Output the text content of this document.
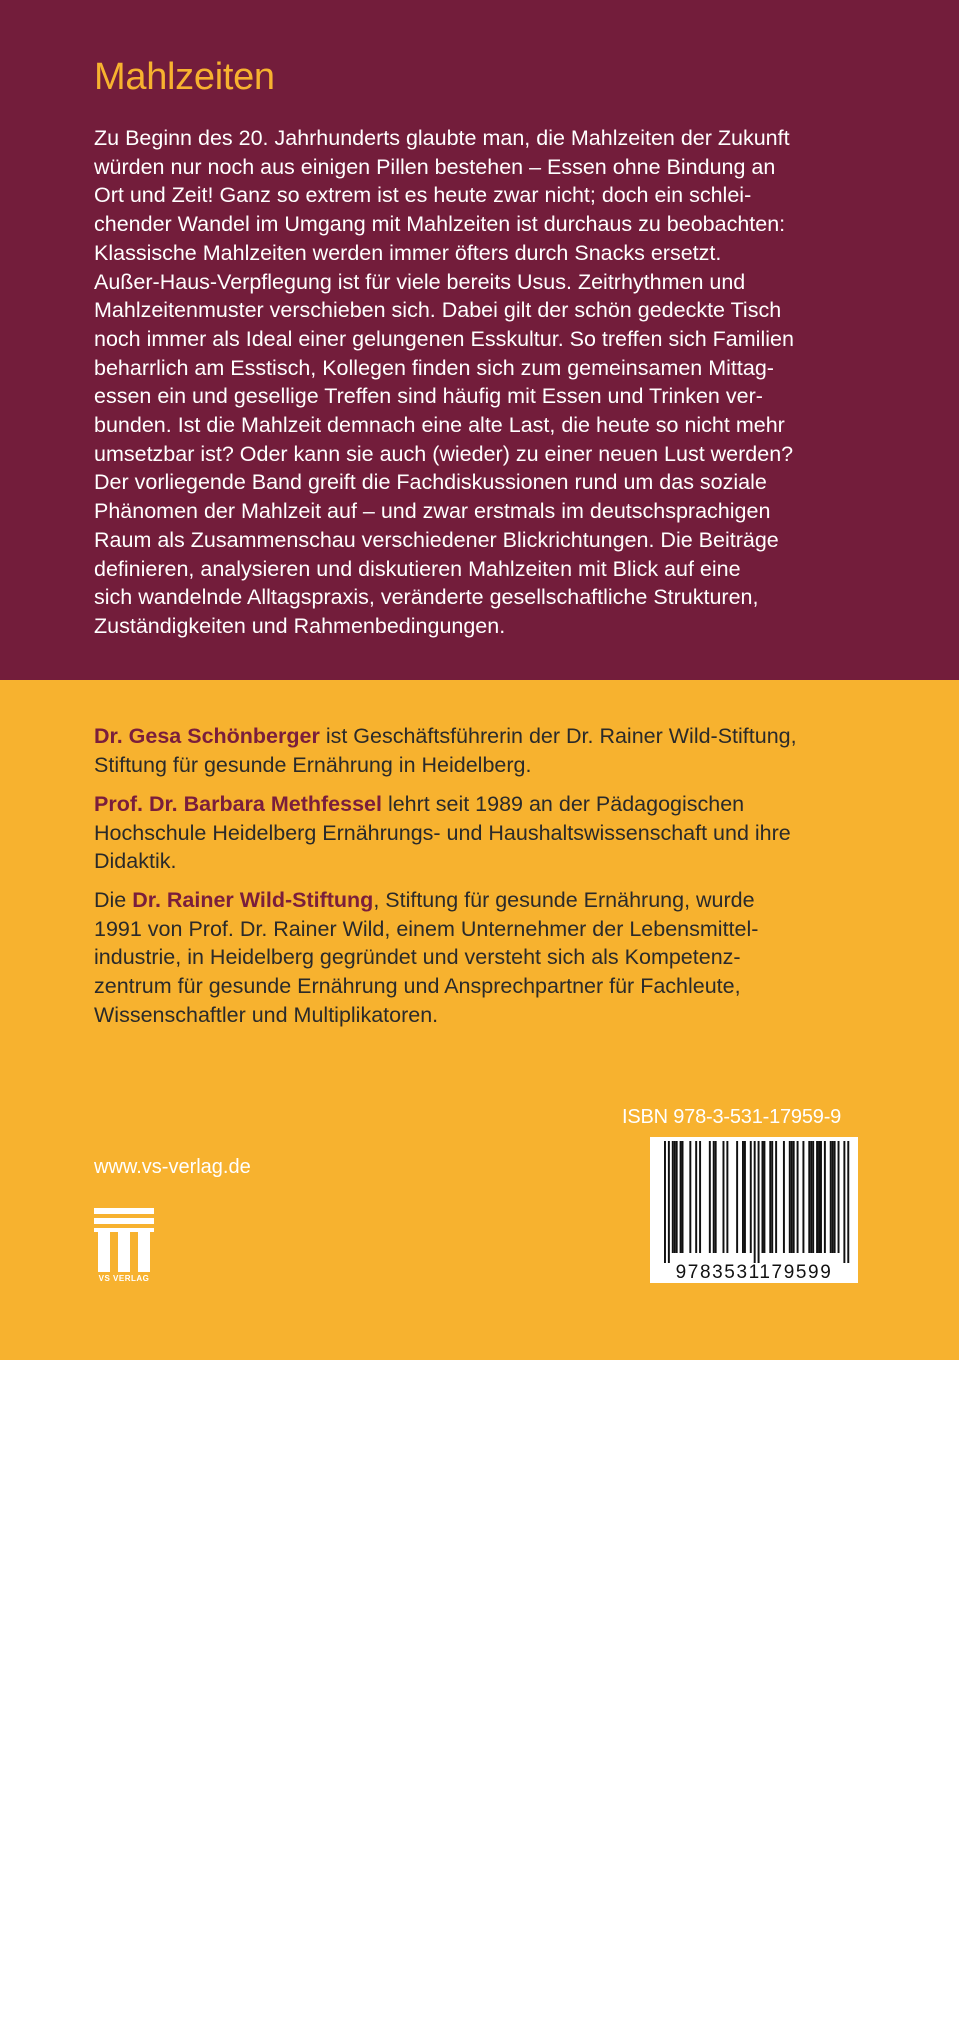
Mahlzeiten
Zu Beginn des 20. Jahrhunderts glaubte man, die Mahlzeiten der Zukunft
würden nur noch aus einigen Pillen bestehen – Essen ohne Bindung an
Ort und Zeit! Ganz so extrem ist es heute zwar nicht; doch ein schlei-
chender Wandel im Umgang mit Mahlzeiten ist durchaus zu beobachten:
Klassische Mahlzeiten werden immer öfters durch Snacks ersetzt.
Außer-Haus-Verpflegung ist für viele bereits Usus. Zeitrhythmen und
Mahlzeitenmuster verschieben sich. Dabei gilt der schön gedeckte Tisch
noch immer als Ideal einer gelungenen Esskultur. So treffen sich Familien
beharrlich am Esstisch, Kollegen finden sich zum gemeinsamen Mittag-
essen ein und gesellige Treffen sind häufig mit Essen und Trinken ver-
bunden. Ist die Mahlzeit demnach eine alte Last, die heute so nicht mehr
umsetzbar ist? Oder kann sie auch (wieder) zu einer neuen Lust werden?
Der vorliegende Band greift die Fachdiskussionen rund um das soziale
Phänomen der Mahlzeit auf – und zwar erstmals im deutschsprachigen
Raum als Zusammenschau verschiedener Blickrichtungen. Die Beiträge
definieren, analysieren und diskutieren Mahlzeiten mit Blick auf eine
sich wandelnde Alltagspraxis, veränderte gesellschaftliche Strukturen,
Zuständigkeiten und Rahmenbedingungen.
Dr. Gesa Schönberger ist Geschäftsführerin der Dr. Rainer Wild-Stiftung,
Stiftung für gesunde Ernährung in Heidelberg.
Prof. Dr. Barbara Methfessel lehrt seit 1989 an der Pädagogischen
Hochschule Heidelberg Ernährungs- und Haushaltswissenschaft und ihre
Didaktik.
Die Dr. Rainer Wild-Stiftung, Stiftung für gesunde Ernährung, wurde
1991 von Prof. Dr. Rainer Wild, einem Unternehmer der Lebensmittel-
industrie, in Heidelberg gegründet und versteht sich als Kompetenz-
zentrum für gesunde Ernährung und Ansprechpartner für Fachleute,
Wissenschaftler und Multiplikatoren.

www.vs-verlag.de

VS VERLAG

ISBN 978-3-531-17959-9

9783531179599
